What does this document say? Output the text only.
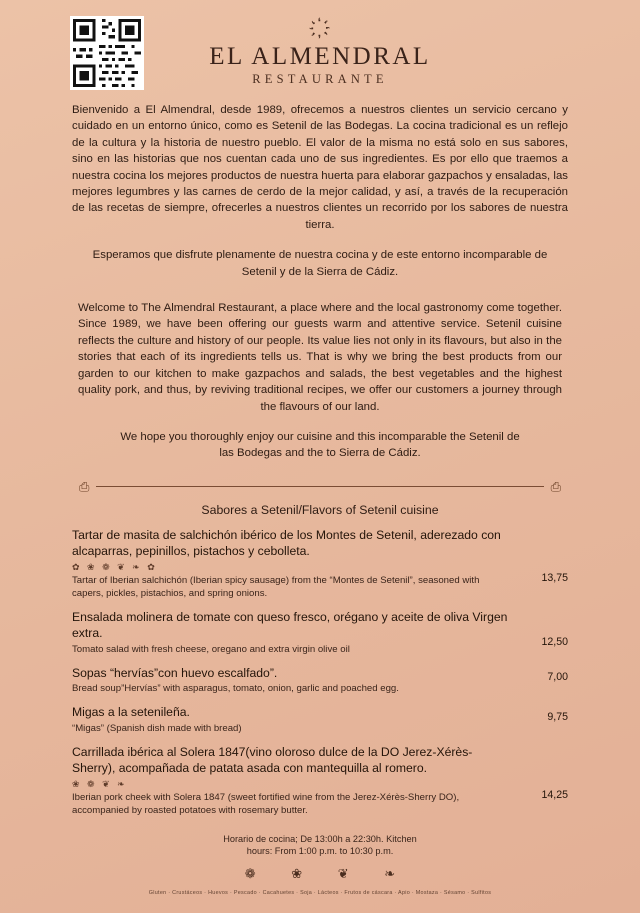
҉
EL ALMENDRAL
RESTAURANTE

Bienvenido a El Almendral, desde 1989, ofrecemos a nuestros clientes un servicio cercano y cuidado en un entorno único, como es Setenil de las Bodegas. La cocina tradicional es un reflejo de la cultura y la historia de nuestro pueblo. El valor de la misma no está solo en sus sabores, sino en las historias que nos cuentan cada uno de sus ingredientes. Es por ello que traemos a nuestra cocina los mejores productos de nuestra huerta para elaborar gazpachos y ensaladas, las mejores legumbres y las carnes de cerdo de la mejor calidad, y así, a través de la recuperación de las recetas de siempre, ofrecerles a nuestros clientes un recorrido por los sabores de nuestra tierra.

Esperamos que disfrute plenamente de nuestra cocina y de este entorno incomparable de Setenil y de la Sierra de Cádiz.

Welcome to The Almendral Restaurant, a place where and the local gastronomy come together. Since 1989, we have been offering our guests warm and attentive service. Setenil cuisine reflects the culture and history of our people. Its value lies not only in its flavours, but also in the stories that each of its ingredients tells us. That is why we bring the best products from our garden to our kitchen to make gazpachos and salads, the best vegetables and the highest quality pork, and thus, by reviving traditional recipes, we offer our customers a journey through the flavours of our land.

We hope you thoroughly enjoy our cuisine and this incomparable the Setenil de las Bodegas and the to Sierra de Cádiz.

⎙	⎙
Sabores a Setenil/Flavors of Setenil cuisine
Tartar de masita de salchichón ibérico de los Montes de Setenil, aderezado con alcaparras, pepinillos, pistachos y cebolleta.
✿ ❀ ❁ ❦ ❧ ✿
Tartar of Iberian salchichón (Iberian spicy sausage) from the “Montes de Setenil”, seasoned with capers, pickles, pistachios, and spring onions.
13,75
Ensalada molinera de tomate con queso fresco, orégano y aceite de oliva Virgen extra.
Tomato salad with fresh cheese, oregano and extra virgin olive oil
12,50
Sopas “hervías”con huevo escalfado”.
Bread soup”Hervías” with asparagus, tomato, onion, garlic and poached egg.
7,00
Migas a la setenileña.
“Migas” (Spanish dish made with bread)
9,75
Carrillada ibérica al Solera 1847(vino oloroso dulce de la DO Jerez-Xérès-Sherry), acompañada de patata asada con mantequilla al romero.
❀ ❁ ❦ ❧
Iberian pork cheek with Solera 1847 (sweet fortified wine from the Jerez-Xérès-Sherry DO), accompanied by roasted potatoes with rosemary butter.
14,25
Horario de cocina; De 13:00h a 22:30h. Kitchen
hours: From 1:00 p.m. to 10:30 p.m.
❁ ❀ ❦ ❧
Gluten · Crustáceos · Huevos · Pescado · Cacahuetes · Soja · Lácteos · Frutos de cáscara · Apio · Mostaza · Sésamo · Sulfitos
